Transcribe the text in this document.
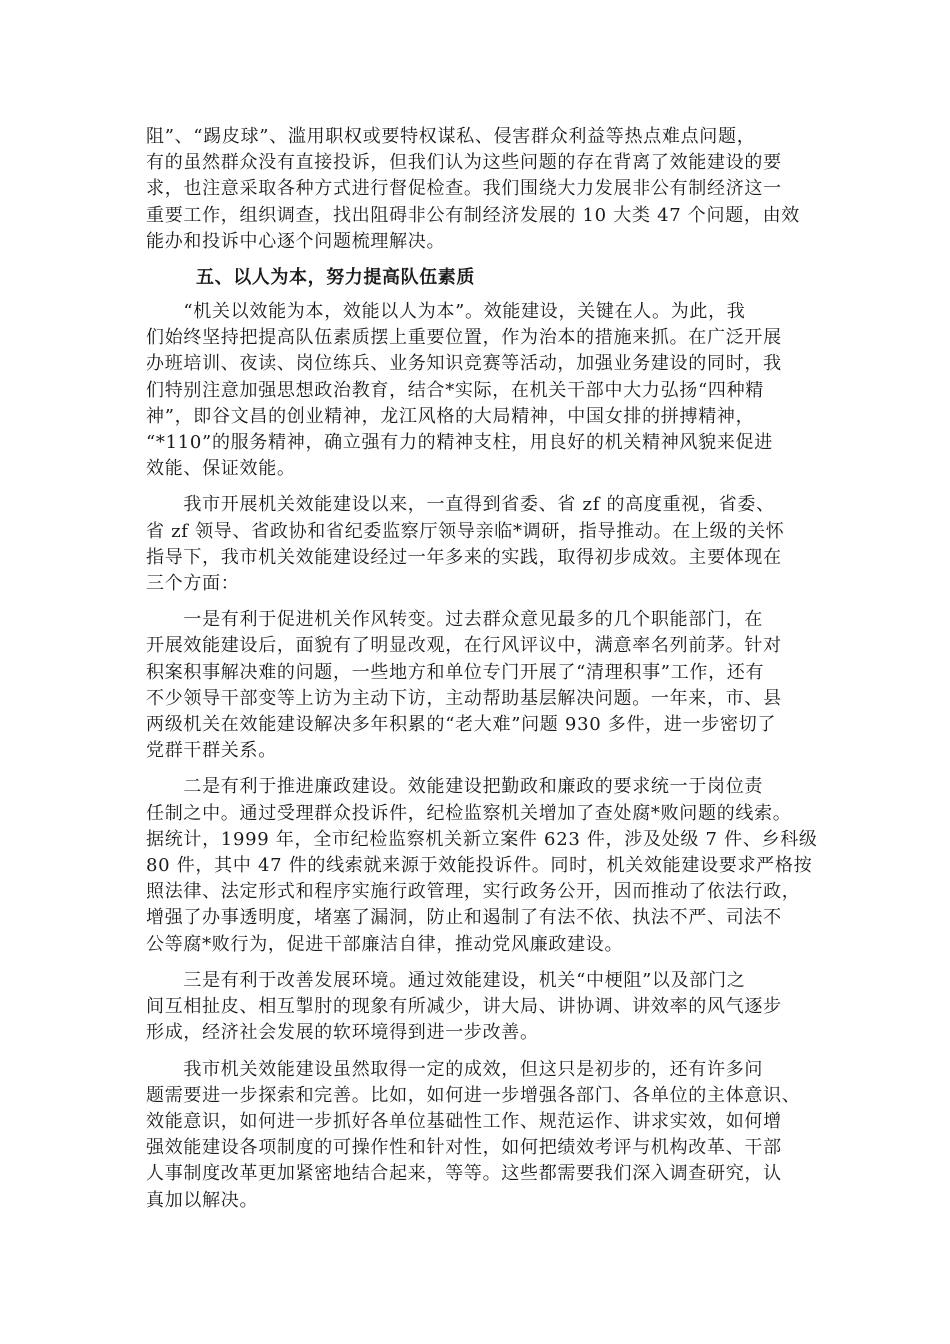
阻”、“踢皮球”、滥用职权或要特权谋私、侵害群众利益等热点难点问题，
有的虽然群众没有直接投诉，但我们认为这些问题的存在背离了效能建设的要
求，也注意采取各种方式进行督促检查。我们围绕大力发展非公有制经济这一
重要工作，组织调查，找出阻碍非公有制经济发展的 10 大类 47 个问题，由效
能办和投诉中心逐个问题梳理解决。
五、以人为本，努力提高队伍素质
　　“机关以效能为本，效能以人为本”。效能建设，关键在人。为此，我
们始终坚持把提高队伍素质摆上重要位置，作为治本的措施来抓。在广泛开展
办班培训、夜读、岗位练兵、业务知识竞赛等活动，加强业务建设的同时，我
们特别注意加强思想政治教育，结合*实际，在机关干部中大力弘扬“四种精
神”，即谷文昌的创业精神，龙江风格的大局精神，中国女排的拼搏精神，
“*110”的服务精神，确立强有力的精神支柱，用良好的机关精神风貌来促进
效能、保证效能。
　　我市开展机关效能建设以来，一直得到省委、省 zf 的高度重视，省委、
省 zf 领导、省政协和省纪委监察厅领导亲临*调研，指导推动。在上级的关怀
指导下，我市机关效能建设经过一年多来的实践，取得初步成效。主要体现在
三个方面：
　　一是有利于促进机关作风转变。过去群众意见最多的几个职能部门，在
开展效能建设后，面貌有了明显改观，在行风评议中，满意率名列前茅。针对
积案积事解决难的问题，一些地方和单位专门开展了“清理积事”工作，还有
不少领导干部变等上访为主动下访，主动帮助基层解决问题。一年来，市、县
两级机关在效能建设解决多年积累的“老大难”问题 930 多件，进一步密切了
党群干群关系。
　　二是有利于推进廉政建设。效能建设把勤政和廉政的要求统一于岗位责
任制之中。通过受理群众投诉件，纪检监察机关增加了查处腐*败问题的线索。
据统计，1999 年，全市纪检监察机关新立案件 623 件，涉及处级 7 件、乡科级
80 件，其中 47 件的线索就来源于效能投诉件。同时，机关效能建设要求严格按
照法律、法定形式和程序实施行政管理，实行政务公开，因而推动了依法行政，
增强了办事透明度，堵塞了漏洞，防止和遏制了有法不依、执法不严、司法不
公等腐*败行为，促进干部廉洁自律，推动党风廉政建设。
　　三是有利于改善发展环境。通过效能建设，机关“中梗阻”以及部门之
间互相扯皮、相互掣肘的现象有所减少，讲大局、讲协调、讲效率的风气逐步
形成，经济社会发展的软环境得到进一步改善。
　　我市机关效能建设虽然取得一定的成效，但这只是初步的，还有许多问
题需要进一步探索和完善。比如，如何进一步增强各部门、各单位的主体意识、
效能意识，如何进一步抓好各单位基础性工作、规范运作、讲求实效，如何增
强效能建设各项制度的可操作性和针对性，如何把绩效考评与机构改革、干部
人事制度改革更加紧密地结合起来，等等。这些都需要我们深入调查研究，认
真加以解决。
